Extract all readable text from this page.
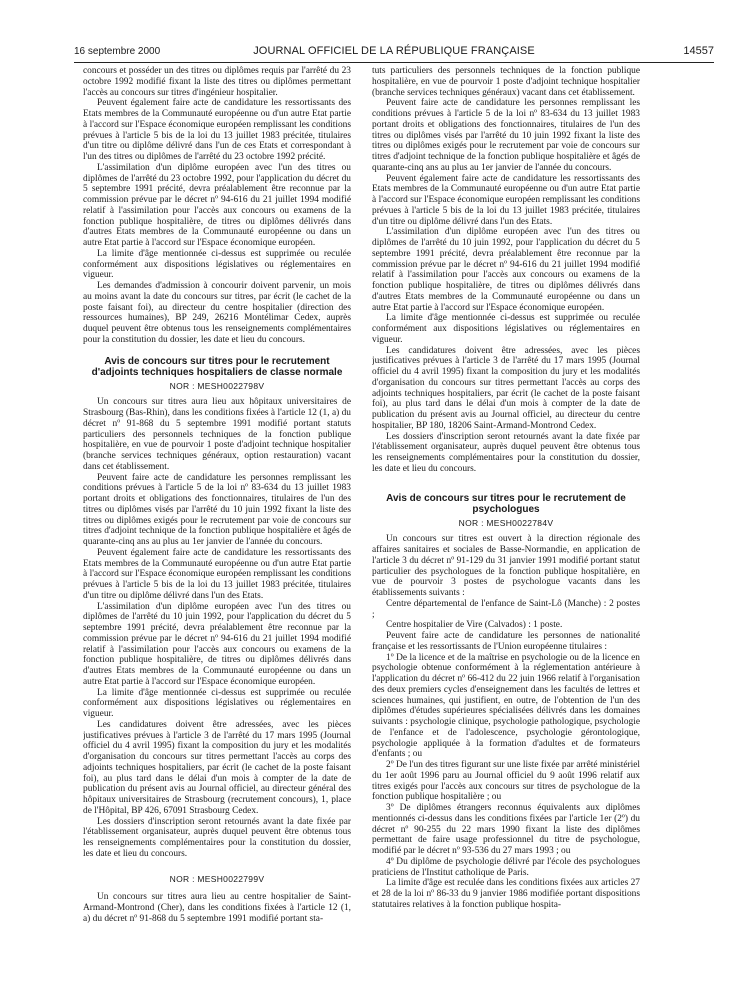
16 septembre 2000	JOURNAL OFFICIEL DE LA RÉPUBLIQUE FRANÇAISE	14557

concours et posséder un des titres ou diplômes requis par l'arrêté du 23 octobre 1992 modifié fixant la liste des titres ou diplômes permettant l'accès au concours sur titres d'ingénieur hospitalier.

Peuvent également faire acte de candidature les ressortissants des Etats membres de la Communauté européenne ou d'un autre Etat partie à l'accord sur l'Espace économique européen remplissant les conditions prévues à l'article 5 bis de la loi du 13 juillet 1983 précitée, titulaires d'un titre ou diplôme délivré dans l'un de ces Etats et correspondant à l'un des titres ou diplômes de l'arrêté du 23 octobre 1992 précité.

L'assimilation d'un diplôme européen avec l'un des titres ou diplômes de l'arrêté du 23 octobre 1992, pour l'application du décret du 5 septembre 1991 précité, devra préalablement être reconnue par la commission prévue par le décret nº 94-616 du 21 juillet 1994 modifié relatif à l'assimilation pour l'accès aux concours ou examens de la fonction publique hospitalière, de titres ou diplômes délivrés dans d'autres Etats membres de la Communauté européenne ou dans un autre Etat partie à l'accord sur l'Espace économique européen.

La limite d'âge mentionnée ci-dessus est supprimée ou reculée conformément aux dispositions législatives ou réglementaires en vigueur.

Les demandes d'admission à concourir doivent parvenir, un mois au moins avant la date du concours sur titres, par écrit (le cachet de la poste faisant foi), au directeur du centre hospitalier (direction des ressources humaines), BP 249, 26216 Montélimar Cedex, auprès duquel peuvent être obtenus tous les renseignements complémentaires pour la constitution du dossier, les date et lieu du concours.

Avis de concours sur titres pour le recrutement d'adjoints techniques hospitaliers de classe normale

NOR : MESH0022798V

Un concours sur titres aura lieu aux hôpitaux universitaires de Strasbourg (Bas-Rhin), dans les conditions fixées à l'article 12 (1, a) du décret nº 91-868 du 5 septembre 1991 modifié portant statuts particuliers des personnels techniques de la fonction publique hospitalière, en vue de pourvoir 1 poste d'adjoint technique hospitalier (branche services techniques généraux, option restauration) vacant dans cet établissement.

Peuvent faire acte de candidature les personnes remplissant les conditions prévues à l'article 5 de la loi nº 83-634 du 13 juillet 1983 portant droits et obligations des fonctionnaires, titulaires de l'un des titres ou diplômes visés par l'arrêté du 10 juin 1992 fixant la liste des titres ou diplômes exigés pour le recrutement par voie de concours sur titres d'adjoint technique de la fonction publique hospitalière et âgés de quarante-cinq ans au plus au 1er janvier de l'année du concours.

Peuvent également faire acte de candidature les ressortissants des Etats membres de la Communauté européenne ou d'un autre Etat partie à l'accord sur l'Espace économique européen remplissant les conditions prévues à l'article 5 bis de la loi du 13 juillet 1983 précitée, titulaires d'un titre ou diplôme délivré dans l'un des Etats.

L'assimilation d'un diplôme européen avec l'un des titres ou diplômes de l'arrêté du 10 juin 1992, pour l'application du décret du 5 septembre 1991 précité, devra préalablement être reconnue par la commission prévue par le décret nº 94-616 du 21 juillet 1994 modifié relatif à l'assimilation pour l'accès aux concours ou examens de la fonction publique hospitalière, de titres ou diplômes délivrés dans d'autres Etats membres de la Communauté européenne ou dans un autre Etat partie à l'accord sur l'Espace économique européen.

La limite d'âge mentionnée ci-dessus est supprimée ou reculée conformément aux dispositions législatives ou réglementaires en vigueur.

Les candidatures doivent être adressées, avec les pièces justificatives prévues à l'article 3 de l'arrêté du 17 mars 1995 (Journal officiel du 4 avril 1995) fixant la composition du jury et les modalités d'organisation du concours sur titres permettant l'accès au corps des adjoints techniques hospitaliers, par écrit (le cachet de la poste faisant foi), au plus tard dans le délai d'un mois à compter de la date de publication du présent avis au Journal officiel, au directeur général des hôpitaux universitaires de Strasbourg (recrutement concours), 1, place de l'Hôpital, BP 426, 67091 Strasbourg Cedex.

Les dossiers d'inscription seront retournés avant la date fixée par l'établissement organisateur, auprès duquel peuvent être obtenus tous les renseignements complémentaires pour la constitution du dossier, les date et lieu du concours.

NOR : MESH0022799V

Un concours sur titres aura lieu au centre hospitalier de Saint-Armand-Montrond (Cher), dans les conditions fixées à l'article 12 (1, a) du décret nº 91-868 du 5 septembre 1991 modifié portant sta-

tuts particuliers des personnels techniques de la fonction publique hospitalière, en vue de pourvoir 1 poste d'adjoint technique hospitalier (branche services techniques généraux) vacant dans cet établissement.

Peuvent faire acte de candidature les personnes remplissant les conditions prévues à l'article 5 de la loi nº 83-634 du 13 juillet 1983 portant droits et obligations des fonctionnaires, titulaires de l'un des titres ou diplômes visés par l'arrêté du 10 juin 1992 fixant la liste des titres ou diplômes exigés pour le recrutement par voie de concours sur titres d'adjoint technique de la fonction publique hospitalière et âgés de quarante-cinq ans au plus au 1er janvier de l'année du concours.

Peuvent également faire acte de candidature les ressortissants des Etats membres de la Communauté européenne ou d'un autre Etat partie à l'accord sur l'Espace économique européen remplissant les conditions prévues à l'article 5 bis de la loi du 13 juillet 1983 précitée, titulaires d'un titre ou diplôme délivré dans l'un des Etats.

L'assimilation d'un diplôme européen avec l'un des titres ou diplômes de l'arrêté du 10 juin 1992, pour l'application du décret du 5 septembre 1991 précité, devra préalablement être reconnue par la commission prévue par le décret nº 94-616 du 21 juillet 1994 modifié relatif à l'assimilation pour l'accès aux concours ou examens de la fonction publique hospitalière, de titres ou diplômes délivrés dans d'autres Etats membres de la Communauté européenne ou dans un autre Etat partie à l'accord sur l'Espace économique européen.

La limite d'âge mentionnée ci-dessus est supprimée ou reculée conformément aux dispositions législatives ou réglementaires en vigueur.

Les candidatures doivent être adressées, avec les pièces justificatives prévues à l'article 3 de l'arrêté du 17 mars 1995 (Journal officiel du 4 avril 1995) fixant la composition du jury et les modalités d'organisation du concours sur titres permettant l'accès au corps des adjoints techniques hospitaliers, par écrit (le cachet de la poste faisant foi), au plus tard dans le délai d'un mois à compter de la date de publication du présent avis au Journal officiel, au directeur du centre hospitalier, BP 180, 18206 Saint-Armand-Montrond Cedex.

Les dossiers d'inscription seront retournés avant la date fixée par l'établissement organisateur, auprès duquel peuvent être obtenus tous les renseignements complémentaires pour la constitution du dossier, les date et lieu du concours.

Avis de concours sur titres pour le recrutement de psychologues

NOR : MESH0022784V

Un concours sur titres est ouvert à la direction régionale des affaires sanitaires et sociales de Basse-Normandie, en application de l'article 3 du décret nº 91-129 du 31 janvier 1991 modifié portant statut particulier des psychologues de la fonction publique hospitalière, en vue de pourvoir 3 postes de psychologue vacants dans les établissements suivants :

Centre départemental de l'enfance de Saint-Lô (Manche) : 2 postes ;

Centre hospitalier de Vire (Calvados) : 1 poste.

Peuvent faire acte de candidature les personnes de nationalité française et les ressortissants de l'Union européenne titulaires :

1º De la licence et de la maîtrise en psychologie ou de la licence en psychologie obtenue conformément à la réglementation antérieure à l'application du décret nº 66-412 du 22 juin 1966 relatif à l'organisation des deux premiers cycles d'enseignement dans les facultés de lettres et sciences humaines, qui justifient, en outre, de l'obtention de l'un des diplômes d'études supérieures spécialisées délivrés dans les domaines suivants : psychologie clinique, psychologie pathologique, psychologie de l'enfance et de l'adolescence, psychologie gérontologique, psychologie appliquée à la formation d'adultes et de formateurs d'enfants ; ou

2º De l'un des titres figurant sur une liste fixée par arrêté ministériel du 1er août 1996 paru au Journal officiel du 9 août 1996 relatif aux titres exigés pour l'accès aux concours sur titres de psychologue de la fonction publique hospitalière ; ou

3º De diplômes étrangers reconnus équivalents aux diplômes mentionnés ci-dessus dans les conditions fixées par l'article 1er (2º) du décret nº 90-255 du 22 mars 1990 fixant la liste des diplômes permettant de faire usage professionnel du titre de psychologue, modifié par le décret nº 93-536 du 27 mars 1993 ; ou

4º Du diplôme de psychologie délivré par l'école des psychologues praticiens de l'Institut catholique de Paris.

La limite d'âge est reculée dans les conditions fixées aux articles 27 et 28 de la loi nº 86-33 du 9 janvier 1986 modifiée portant dispositions statutaires relatives à la fonction publique hospita-
